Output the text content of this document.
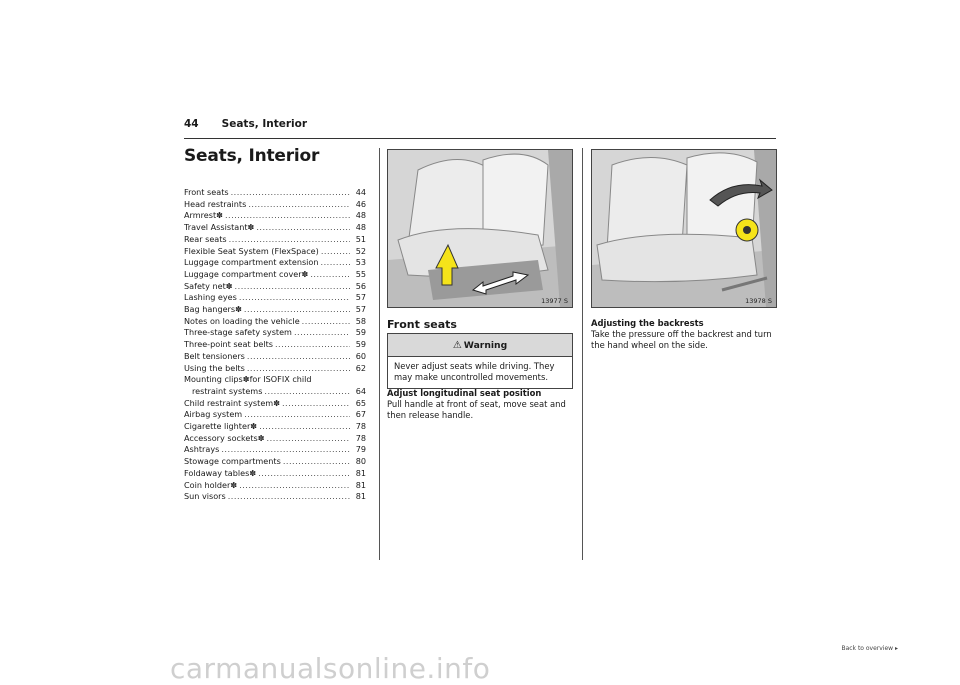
44 Seats, Interior
Seats, Interior
Front seats .....	44
Head restraints .....	46
Armrest ✽ .....	48
Travel Assistant ✽ .....	48
Rear seats .....	51
Flexible Seat System (FlexSpace) .....	52
Luggage compartment extension .....	53
Luggage compartment cover ✽ .....	55
Safety net ✽ .....	56
Lashing eyes .....	57
Bag hangers ✽ .....	57
Notes on loading the vehicle .....	58
Three-stage safety system .....	59
Three-point seat belts .....	59
Belt tensioners .....	60
Using the belts .....	62
Mounting clips ✽ for ISOFIX child
restraint systems .....	64
Child restraint system ✽ .....	65
Airbag system .....	67
Cigarette lighter ✽ .....	78
Accessory sockets ✽ .....	78
Ashtrays .....	79
Stowage compartments .....	80
Foldaway tables ✽ .....	81
Coin holder ✽ .....	81
Sun visors .....	81
13977 S	13978 S
Front seats
⚠ Warning
Never adjust seats while driving. They may make uncontrolled movements.
Adjust longitudinal seat position
Pull handle at front of seat, move seat and then release handle.
Adjusting the backrests
Take the pressure off the backrest and turn the hand wheel on the side.
Back to overview ▸
carmanualsonline.info
